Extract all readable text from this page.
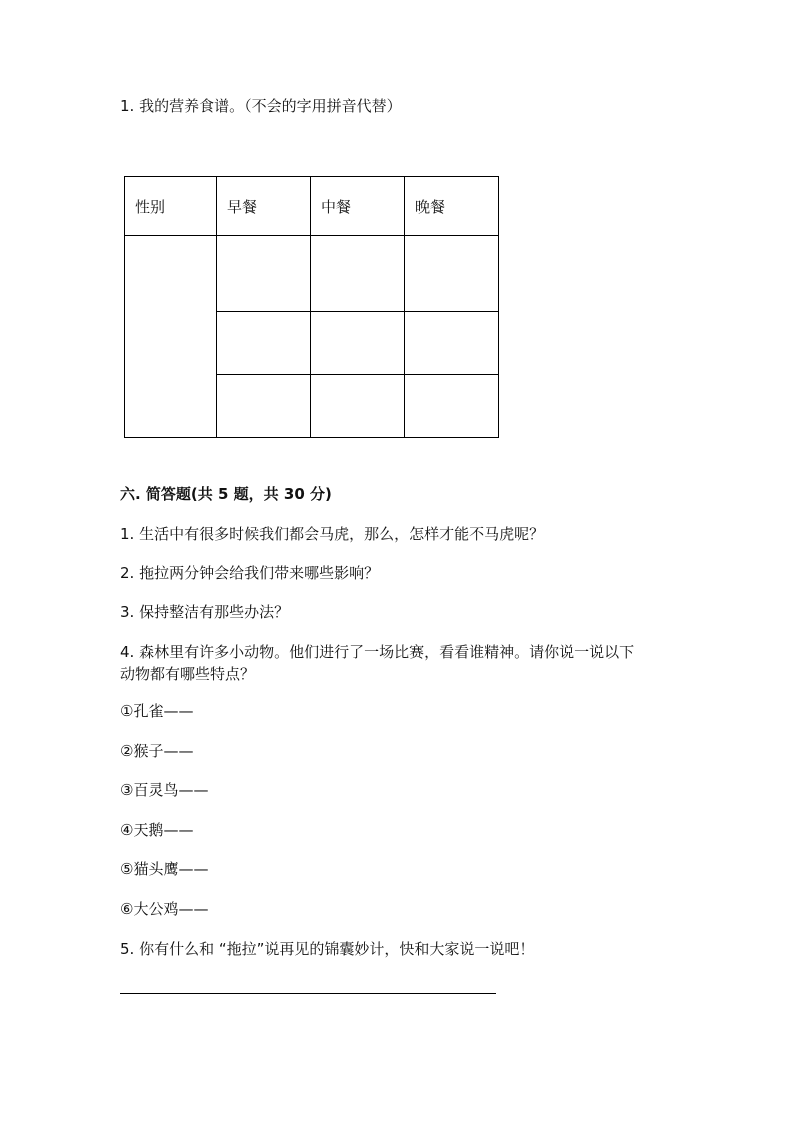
1. 我的营养食谱。（不会的字用拼音代替）
性别	早餐	中餐	晚餐

六. 简答题(共 5 题，共 30 分)
1. 生活中有很多时候我们都会马虎，那么，怎样才能不马虎呢？
2. 拖拉两分钟会给我们带来哪些影响？
3. 保持整洁有那些办法？
4. 森林里有许多小动物。他们进行了一场比赛，看看谁精神。请你说一说以下
动物都有哪些特点？
①孔雀——
②猴子——
③百灵鸟——
④天鹅——
⑤猫头鹰——
⑥大公鸡——
5. 你有什么和 “拖拉”说再见的锦囊妙计，快和大家说一说吧！
